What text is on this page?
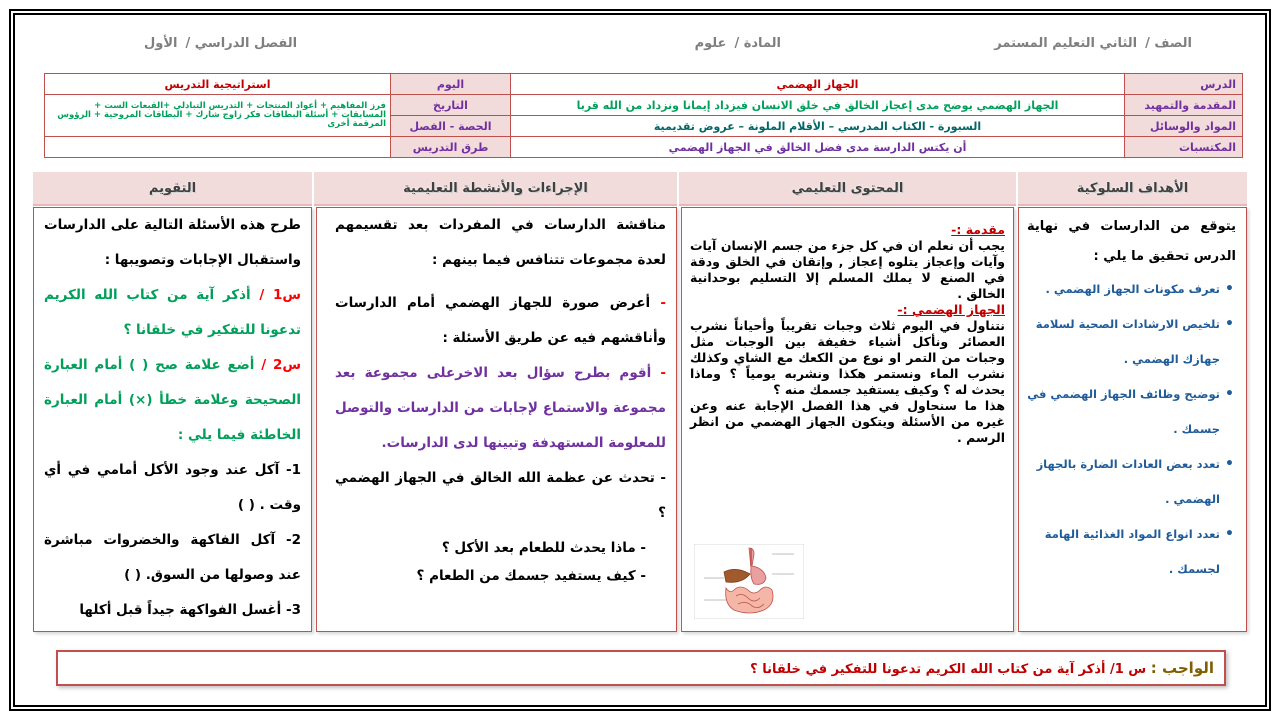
الصف /الثاني التعليم المستمر
المادة /علوم
الفصل الدراسي /الأول
الدرس	الجهاز الهضمي	اليوم	استراتيجية التدريس
المقدمة والتمهيد	الجهاز الهضمي يوضح مدى إعجاز الخالق في خلق الانسان فيزداد إيمانا ونزداد من الله قربا	التاريخ	فرز المفاهيم + أعواد المنتجات + التدريس التبادلي +القبعات الست + المسابقات + أسئلة البطاقات فكر زاوج شارك + البطاقات المروحية + الرؤوس المرقمة أخرى
المواد والوسائل	السبورة - الكتاب المدرسي – الأقلام الملونة – عروض تقديمية	الحصة - الفصل	
المكتسبات	أن يكتس الدارسة مدى فضل الخالق في الجهاز الهضمي	طرق التدريس	
الأهداف السلوكية
المحتوى التعليمي
الإجراءات والأنشطة التعليمية
التقويم

يتوقع من الدارسات في نهاية الدرس تحقيق ما يلي :

• تعرف مكونات الجهاز الهضمي .
• تلخيص الارشادات الصحية لسلامة جهازك الهضمي .
• توضيح وظائف الجهاز الهضمي في جسمك .
• تعدد بعض العادات الضارة بالجهاز الهضمي .
• تعدد انواع المواد الغذائية الهامة لجسمك .
مقدمة :-
يجب أن نعلم ان في كل جزء من جسم الإنسان آيات وآيات وإعجاز يتلوه إعجاز , وإتقان في الخلق ودقة في الصنع لا يملك المسلم إلا التسليم بوحدانية الخالق .
الجهاز الهضمي :-
نتناول في اليوم ثلاث وجبات تقريباً وأحياناً نشرب العصائر ونأكل أشياء خفيفة بين الوجبات مثل وجبات من التمر او نوع من الكعك مع الشاي وكذلك نشرب الماء ونستمر هكذا ونشربه يومياً ؟ وماذا يحدث له ؟ وكيف يستفيد جسمك منه ؟
هذا ما سنحاول في هذا الفصل الإجابة عنه وعن غيره من الأسئلة ويتكون الجهاز الهضمي من انظر الرسم .

مناقشة الدارسات في المفردات بعد تقسيمهم لعدة مجموعات تتنافس فيما بينهم :

- أعرض صورة للجهاز الهضمي أمام الدارسات وأناقشهم فيه عن طريق الأسئلة :

- أقوم بطرح سؤال بعد الاخرعلى مجموعة بعد مجموعة والاستماع لإجابات من الدارسات والتوصل للمعلومة المستهدفة وتبينها لدى الدارسات.

- تحدث عن عظمة الله الخالق في الجهاز الهضمي ؟

- ماذا يحدث للطعام بعد الأكل ؟

- كيف يستفيد جسمك من الطعام ؟

طرح هذه الأسئلة التالية على الدارسات واستقبال الإجابات وتصويبها :

س1 / أذكر آية من كتاب الله الكريم تدعونا للتفكير في خلقانا ؟

س2 / أضع علامة صح ( ) أمام العبارة الصحيحة وعلامة خطأ (×) أمام العبارة الخاطئة فيما يلي :

1- آكل عند وجود الأكل أمامي في أي وقت . ( )

2- آكل الفاكهة والخضروات مباشرة عند وصولها من السوق. ( )

3- أغسل الفواكهة جيداً قبل أكلها

الواجب : س 1/ أذكر آية من كتاب الله الكريم تدعونا للتفكير في خلقانا ؟
